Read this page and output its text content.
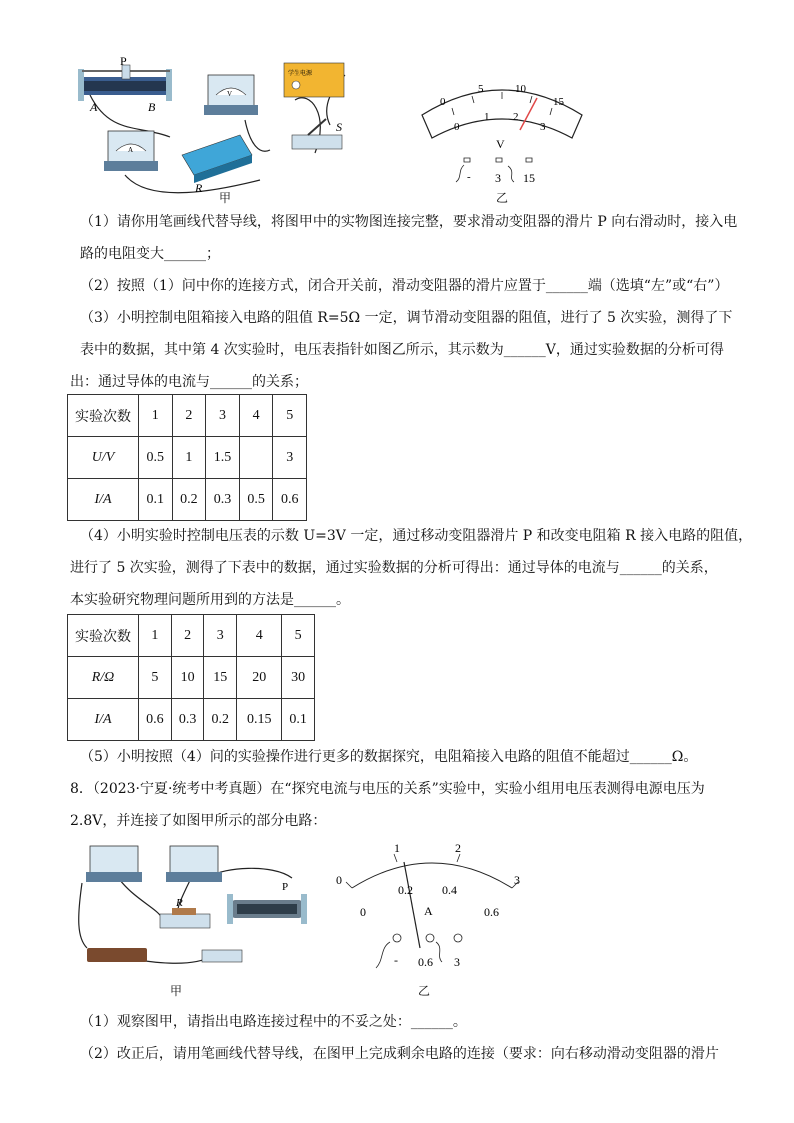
P
A	B
V
学生电源
S
A
R
甲
0
5	10
15
0
1 2
3
V
- 3 15
乙
（1）请你用笔画线代替导线，将图甲中的实物图连接完整，要求滑动变阻器的滑片 P 向右滑动时，接入电
路的电阻变大______；
（2）按照（1）问中你的连接方式，闭合开关前，滑动变阻器的滑片应置于______端（选填“左”或“右”）
（3）小明控制电阻箱接入电路的阻值 R=5Ω 一定，调节滑动变阻器的阻值，进行了 5 次实验，测得了下
表中的数据，其中第 4 次实验时，电压表指针如图乙所示，其示数为______V，通过实验数据的分析可得
出：通过导体的电流与______的关系；
实验次数	1	2	3	4	5
U/V	0.5	1	1.5		3
I/A	0.1	0.2	0.3	0.5	0.6
（4）小明实验时控制电压表的示数 U=3V 一定，通过移动变阻器滑片 P 和改变电阻箱 R 接入电路的阻值，
进行了 5 次实验，测得了下表中的数据，通过实验数据的分析可得出：通过导体的电流与______的关系，
本实验研究物理问题所用到的方法是______。
实验次数	1	2	3	4	5
R/Ω	5	10	15	20	30
I/A	0.6	0.3	0.2	0.15	0.1
（5）小明按照（4）问的实验操作进行更多的数据探究，电阻箱接入电路的阻值不能超过______Ω。
8．（2023·宁夏·统考中考真题）在“探究电流与电压的关系”实验中，实验小组用电压表测得电源电压为
2.8V，并连接了如图甲所示的部分电路：
R
P
甲
0
1	2
3
0
0.2 0.4
0.6
A
- 0.6 3
乙
（1）观察图甲，请指出电路连接过程中的不妥之处：______。
（2）改正后，请用笔画线代替导线，在图甲上完成剩余电路的连接（要求：向右移动滑动变阻器的滑片
